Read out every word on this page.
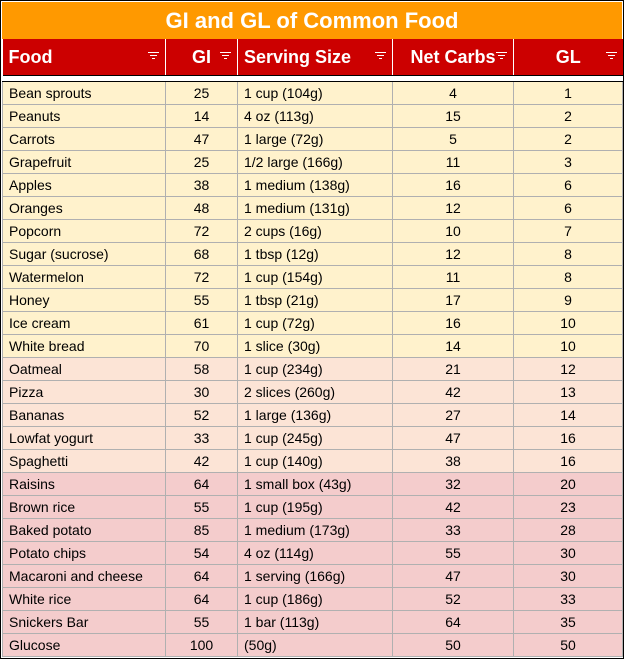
GI and GL of Common Food
Food	GI	Serving Size	Net Carbs	GL

Bean sprouts	25	1 cup (104g)	4	1
Peanuts	14	4 oz (113g)	15	2
Carrots	47	1 large (72g)	5	2
Grapefruit	25	1/2 large (166g)	11	3
Apples	38	1 medium (138g)	16	6
Oranges	48	1 medium (131g)	12	6
Popcorn	72	2 cups (16g)	10	7
Sugar (sucrose)	68	1 tbsp (12g)	12	8
Watermelon	72	1 cup (154g)	11	8
Honey	55	1 tbsp (21g)	17	9
Ice cream	61	1 cup (72g)	16	10
White bread	70	1 slice (30g)	14	10
Oatmeal	58	1 cup (234g)	21	12
Pizza	30	2 slices (260g)	42	13
Bananas	52	1 large (136g)	27	14
Lowfat yogurt	33	1 cup (245g)	47	16
Spaghetti	42	1 cup (140g)	38	16
Raisins	64	1 small box (43g)	32	20
Brown rice	55	1 cup (195g)	42	23
Baked potato	85	1 medium (173g)	33	28
Potato chips	54	4 oz (114g)	55	30
Macaroni and cheese	64	1 serving (166g)	47	30
White rice	64	1 cup (186g)	52	33
Snickers Bar	55	1 bar (113g)	64	35
Glucose	100	(50g)	50	50
